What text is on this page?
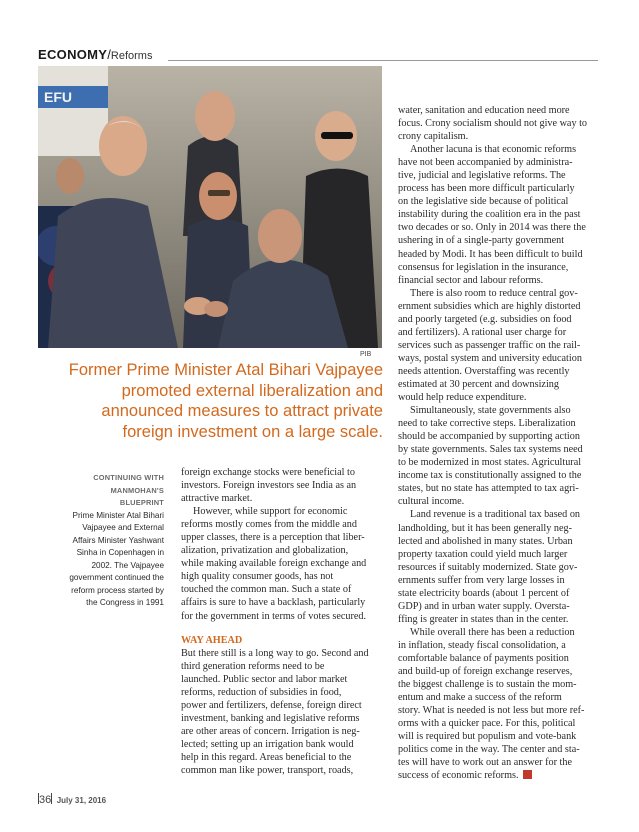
ECONOMY/Reforms
EFU
PIB
Former Prime Minister Atal Bihari Vajpayee
promoted external liberalization and
announced measures to attract private
foreign investment on a large scale.
CONTINUING WITH
MANMOHAN'S
BLUEPRINT
Prime Minister Atal Bihari
Vajpayee and External
Affairs Minister Yashwant
Sinha in Copenhagen in
2002. The Vajpayee
government continued the
reform process started by
the Congress in 1991
foreign exchange stocks were beneficial to
investors. Foreign investors see India as an
attractive market.
However, while support for economic
reforms mostly comes from the middle and
upper classes, there is a perception that liber-
alization, privatization and globalization,
while making available foreign exchange and
high quality consumer goods, has not
touched the common man. Such a state of
affairs is sure to have a backlash, particularly
for the government in terms of votes secured.
WAY AHEAD
But there still is a long way to go. Second and
third generation reforms need to be
launched. Public sector and labor market
reforms, reduction of subsidies in food,
power and fertilizers, defense, foreign direct
investment, banking and legislative reforms
are other areas of concern. Irrigation is neg-
lected; setting up an irrigation bank would
help in this regard. Areas beneficial to the
common man like power, transport, roads,
water, sanitation and education need more
focus. Crony socialism should not give way to
crony capitalism.
Another lacuna is that economic reforms
have not been accompanied by administra-
tive, judicial and legislative reforms. The
process has been more difficult particularly
on the legislative side because of political
instability during the coalition era in the past
two decades or so. Only in 2014 was there the
ushering in of a single-party government
headed by Modi. It has been difficult to build
consensus for legislation in the insurance,
financial sector and labour reforms.
There is also room to reduce central gov-
ernment subsidies which are highly distorted
and poorly targeted (e.g. subsidies on food
and fertilizers). A rational user charge for
services such as passenger traffic on the rail-
ways, postal system and university education
needs attention. Overstaffing was recently
estimated at 30 percent and downsizing
would help reduce expenditure.
Simultaneously, state governments also
need to take corrective steps. Liberalization
should be accompanied by supporting action
by state governments. Sales tax systems need
to be modernized in most states. Agricultural
income tax is constitutionally assigned to the
states, but no state has attempted to tax agri-
cultural income.
Land revenue is a traditional tax based on
landholding, but it has been generally neg-
lected and abolished in many states. Urban
property taxation could yield much larger
resources if suitably modernized. State gov-
ernments suffer from very large losses in
state electricity boards (about 1 percent of
GDP) and in urban water supply. Oversta-
ffing is greater in states than in the center.
While overall there has been a reduction
in inflation, steady fiscal consolidation, a
comfortable balance of payments position
and build-up of foreign exchange reserves,
the biggest challenge is to sustain the mom-
entum and make a success of the reform
story. What is needed is not less but more ref-
orms with a quicker pace. For this, political
will is required but populism and vote-bank
politics come in the way. The center and sta-
tes will have to work out an answer for the
success of economic reforms.
36 July 31, 2016
